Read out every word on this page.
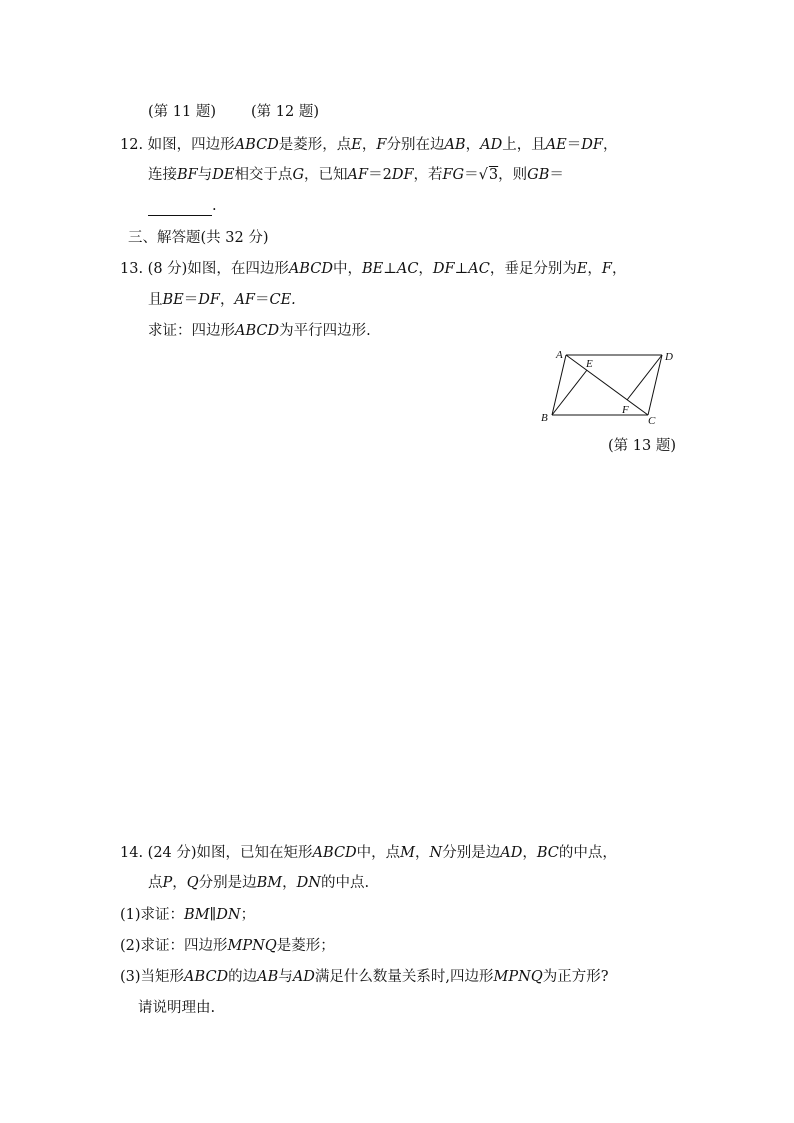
(第 11 题) (第 12 题)
12. 如图，四边形ABCD是菱形，点E，F分别在边AB，AD上，且AE＝DF，
连接BF与DE相交于点G，已知AF＝2DF，若FG＝√3，则GB＝
.
三、解答题(共 32 分)
13. (8 分)如图，在四边形ABCD中，BE⊥AC，DF⊥AC，垂足分别为E，F，
且BE＝DF，AF＝CE.
求证：四边形ABCD为平行四边形.
A	D
E
B
F
C
(第 13 题)
14. (24 分)如图，已知在矩形ABCD中，点M，N分别是边AD，BC的中点，
点P，Q分别是边BM，DN的中点.
(1)求证：BM∥DN；
(2)求证：四边形MPNQ是菱形；
(3)当矩形ABCD的边AB与AD满足什么数量关系时,四边形MPNQ为正方形?
请说明理由.
